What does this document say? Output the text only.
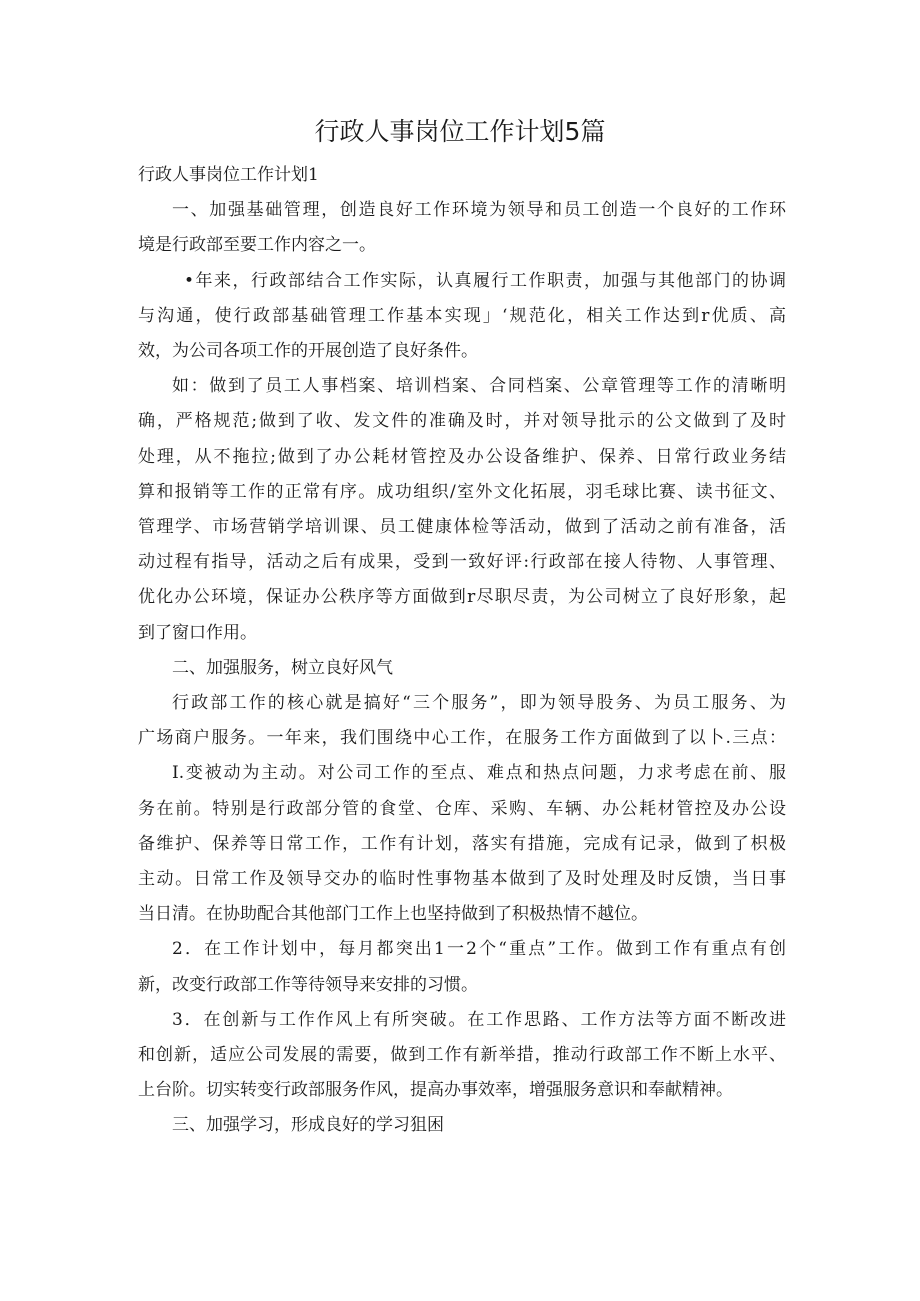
行政人事岗位工作计划5篇

行政人事岗位工作计划1

一、加强基础管理，创造良好工作环境为领导和员工创造一个良好的工作环

境是行政部至要工作内容之一。

•年来，行政部结合工作实际，认真履行工作职责，加强与其他部门的协调

与沟通，使行政部基础管理工作基本实现」‘规范化，相关工作达到r优质、高

效，为公司各项工作的开展创造了良好条件。

如：做到了员工人事档案、培训档案、合同档案、公章管理等工作的清晰明

确，严格规范;做到了收、发文件的准确及时，并对领导批示的公文做到了及时

处理，从不拖拉;做到了办公耗材管控及办公设备维护、保养、日常行政业务结

算和报销等工作的正常有序。成功组织/室外文化拓展，羽毛球比赛、读书征文、

管理学、市场营销学培训课、员工健康体检等活动，做到了活动之前有准备，活

动过程有指导，活动之后有成果，受到一致好评:行政部在接人待物、人事管理、

优化办公环境，保证办公秩序等方面做到r尽职尽责，为公司树立了良好形象，起

到了窗口作用。

二、加强服务，树立良好风气

行政部工作的核心就是搞好“三个服务”，即为领导股务、为员工服务、为

广场商户服务。一年来，我们围绕中心工作，在服务工作方面做到了以卜.三点：

I.变被动为主动。对公司工作的至点、难点和热点问题，力求考虑在前、服

务在前。特别是行政部分管的食堂、仓库、采购、车辆、办公耗材管控及办公设

备维护、保养等日常工作，工作有计划，落实有措施，完成有记录，做到了枳极

主动。日常工作及领导交办的临时性事物基本做到了及时处理及时反馈，当日事

当日清。在协助配合其他部门工作上也坚持做到了积极热情不越位。

2．在工作计划中，每月都突出1一2个“重点”工作。做到工作有重点有创

新，改变行政部工作等待领导来安排的习惯。

3．在创新与工作作风上有所突破。在工作思路、工作方法等方面不断改进

和创新，适应公司发展的需要，做到工作有新举措，推动行政部工作不断上水平、

上台阶。切实转变行政部服务作风，提高办事效率，增强服务意识和奉献精神。

三、加强学习，形成良好的学习狙困
